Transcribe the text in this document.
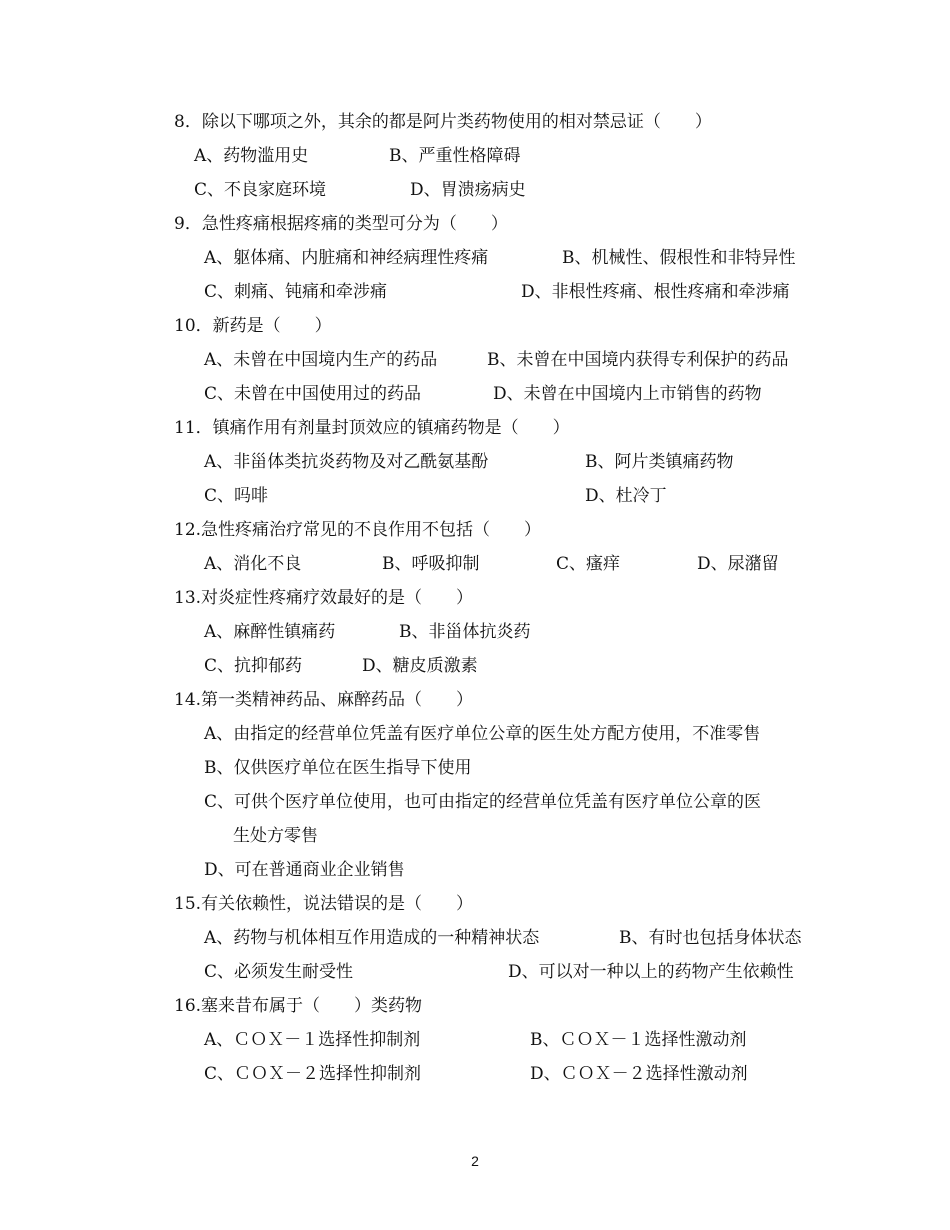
8．除以下哪项之外，其余的都是阿片类药物使用的相对禁忌证（　　）
A、药物滥用史	B、严重性格障碍
C、不良家庭环境	D、胃溃疡病史
9．急性疼痛根据疼痛的类型可分为（　　）
A、躯体痛、内脏痛和神经病理性疼痛	B、机械性、假根性和非特异性
C、刺痛、钝痛和牵涉痛	D、非根性疼痛、根性疼痛和牵涉痛
10．新药是（　　）
A、未曾在中国境内生产的药品	B、未曾在中国境内获得专利保护的药品
C、未曾在中国使用过的药品	D、未曾在中国境内上市销售的药物
11．镇痛作用有剂量封顶效应的镇痛药物是（　　）
A、非甾体类抗炎药物及对乙酰氨基酚	B、阿片类镇痛药物
C、吗啡	D、杜冷丁
12.急性疼痛治疗常见的不良作用不包括（　　）
A、消化不良	B、呼吸抑制	C、瘙痒	D、尿潴留
13.对炎症性疼痛疗效最好的是（　　）
A、麻醉性镇痛药	B、非甾体抗炎药
C、抗抑郁药	D、糖皮质激素
14.第一类精神药品、麻醉药品（　　）
A、由指定的经营单位凭盖有医疗单位公章的医生处方配方使用，不准零售
B、仅供医疗单位在医生指导下使用
C、可供个医疗单位使用，也可由指定的经营单位凭盖有医疗单位公章的医
生处方零售
D、可在普通商业企业销售
15.有关依赖性，说法错误的是（　　）
A、药物与机体相互作用造成的一种精神状态	B、有时也包括身体状态
C、必须发生耐受性	D、可以对一种以上的药物产生依赖性
16.塞来昔布属于（　　）类药物
A、ＣＯＸ－１选择性抑制剂	B、ＣＯＸ－１选择性激动剂
C、ＣＯＸ－２选择性抑制剂	D、ＣＯＸ－２选择性激动剂
2
